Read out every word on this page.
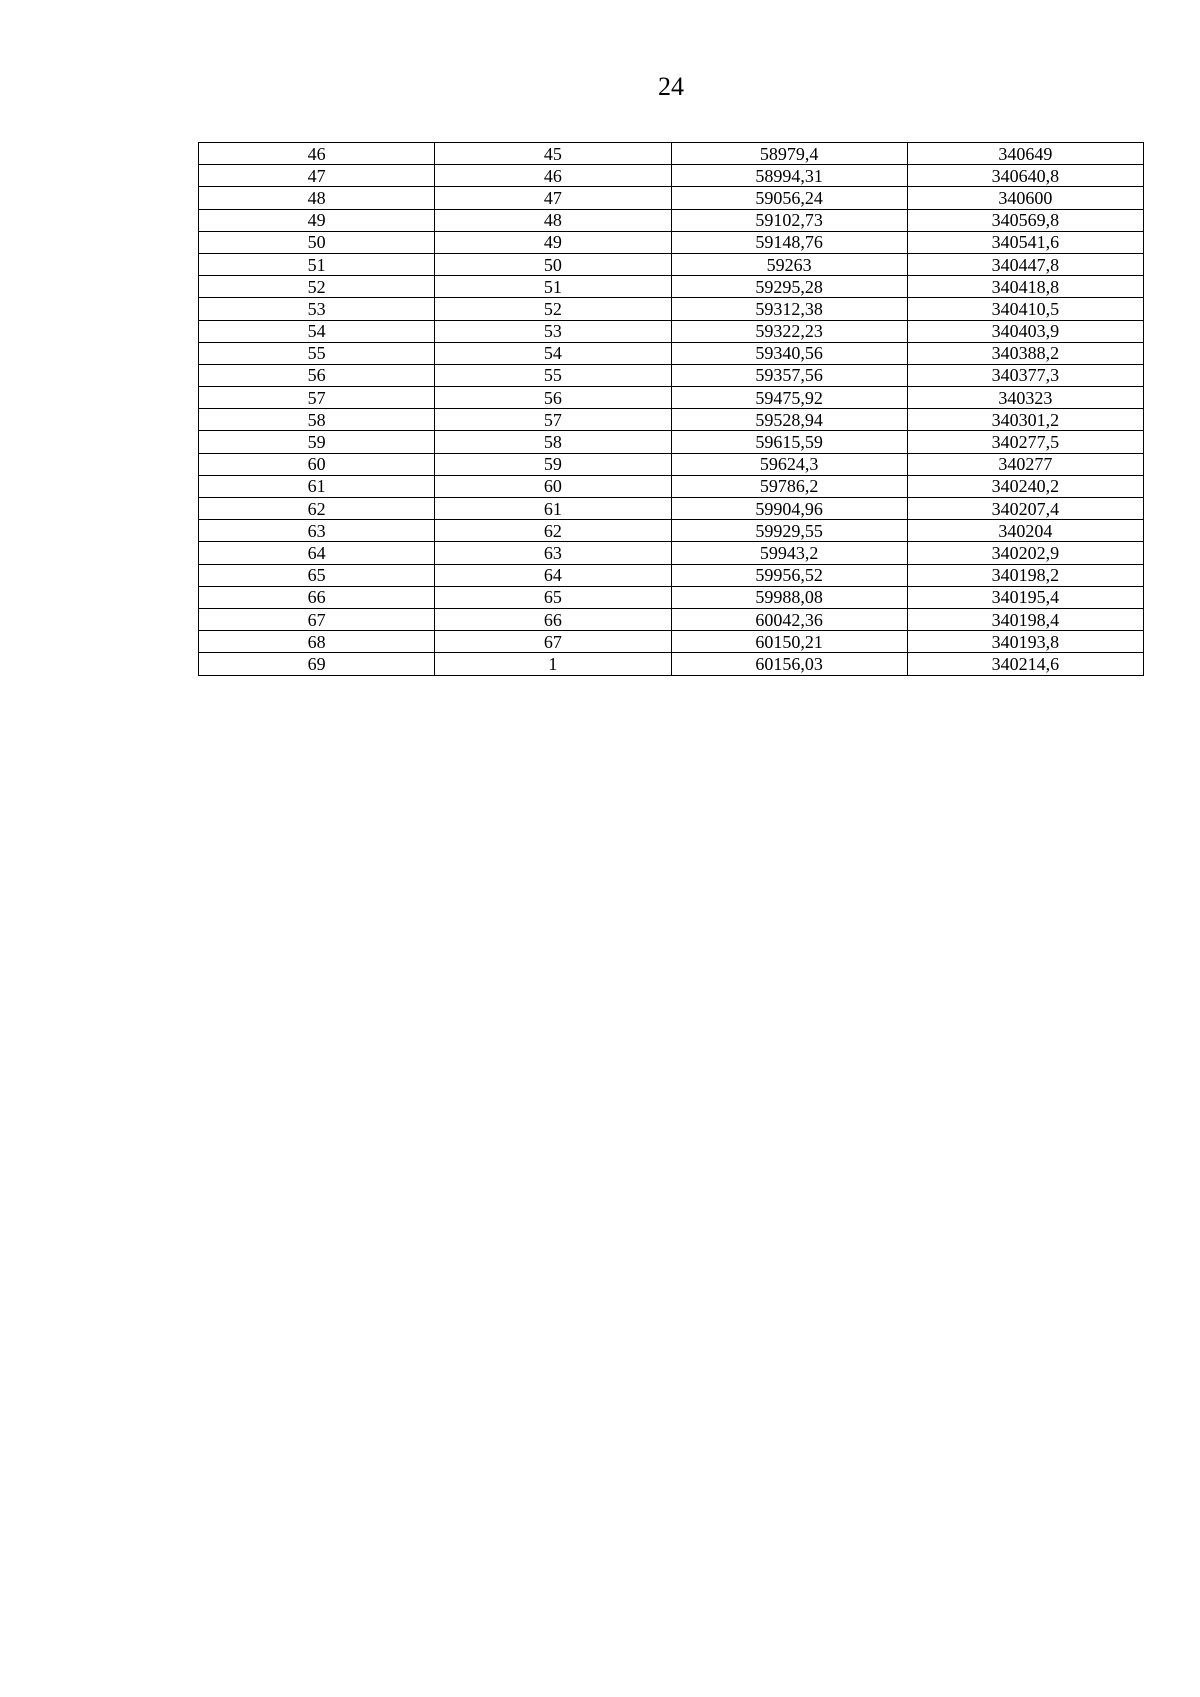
24
46	45	58979,4	340649
47	46	58994,31	340640,8
48	47	59056,24	340600
49	48	59102,73	340569,8
50	49	59148,76	340541,6
51	50	59263	340447,8
52	51	59295,28	340418,8
53	52	59312,38	340410,5
54	53	59322,23	340403,9
55	54	59340,56	340388,2
56	55	59357,56	340377,3
57	56	59475,92	340323
58	57	59528,94	340301,2
59	58	59615,59	340277,5
60	59	59624,3	340277
61	60	59786,2	340240,2
62	61	59904,96	340207,4
63	62	59929,55	340204
64	63	59943,2	340202,9
65	64	59956,52	340198,2
66	65	59988,08	340195,4
67	66	60042,36	340198,4
68	67	60150,21	340193,8
69	1	60156,03	340214,6
